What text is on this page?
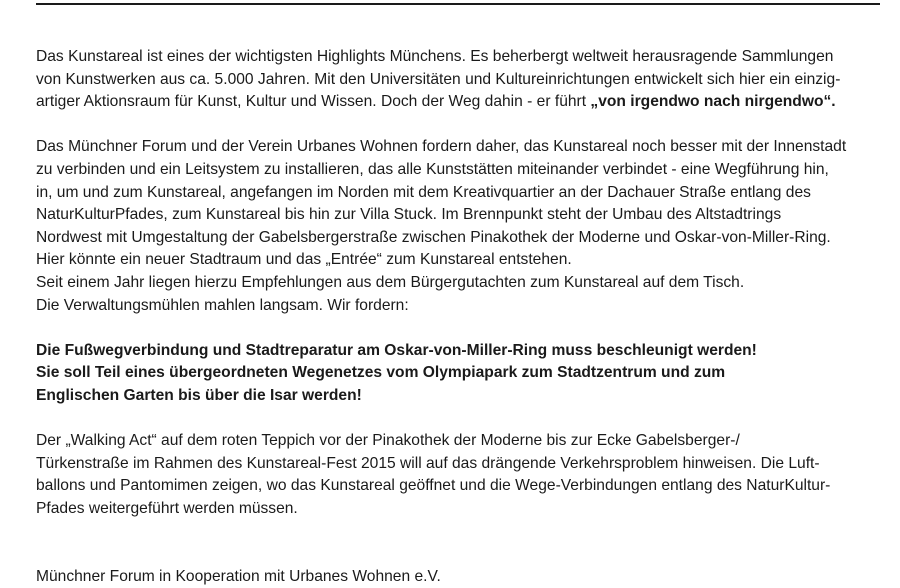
Das Kunstareal ist eines der wichtigsten Highlights Münchens. Es beherbergt weltweit herausragende Sammlungen
von Kunstwerken aus ca. 5.000 Jahren. Mit den Universitäten und Kultureinrichtungen entwickelt sich hier ein einzig-
artiger Aktionsraum für Kunst, Kultur und Wissen. Doch der Weg dahin - er führt „von irgendwo nach nirgendwo“.
Das Münchner Forum und der Verein Urbanes Wohnen fordern daher, das Kunstareal noch besser mit der Innenstadt
zu verbinden und ein Leitsystem zu installieren, das alle Kunststätten miteinander verbindet - eine Wegführung hin,
in, um und zum Kunstareal, angefangen im Norden mit dem Kreativquartier an der Dachauer Straße entlang des
NaturKulturPfades, zum Kunstareal bis hin zur Villa Stuck. Im Brennpunkt steht der Umbau des Altstadtrings
Nordwest mit Umgestaltung der Gabelsbergerstraße zwischen Pinakothek der Moderne und Oskar-von-Miller-Ring.
Hier könnte ein neuer Stadtraum und das „Entrée“ zum Kunstareal entstehen.
Seit einem Jahr liegen hierzu Empfehlungen aus dem Bürgergutachten zum Kunstareal auf dem Tisch.
Die Verwaltungsmühlen mahlen langsam. Wir fordern:
Die Fußwegverbindung und Stadtreparatur am Oskar-von-Miller-Ring muss beschleunigt werden!
Sie soll Teil eines übergeordneten Wegenetzes vom Olympiapark zum Stadtzentrum und zum
Englischen Garten bis über die Isar werden!
Der „Walking Act“ auf dem roten Teppich vor der Pinakothek der Moderne bis zur Ecke Gabelsberger-/
Türkenstraße im Rahmen des Kunstareal-Fest 2015 will auf das drängende Verkehrsproblem hinweisen. Die Luft-
ballons und Pantomimen zeigen, wo das Kunstareal geöffnet und die Wege-Verbindungen entlang des NaturKultur-
Pfades weitergeführt werden müssen.
Münchner Forum in Kooperation mit Urbanes Wohnen e.V.
